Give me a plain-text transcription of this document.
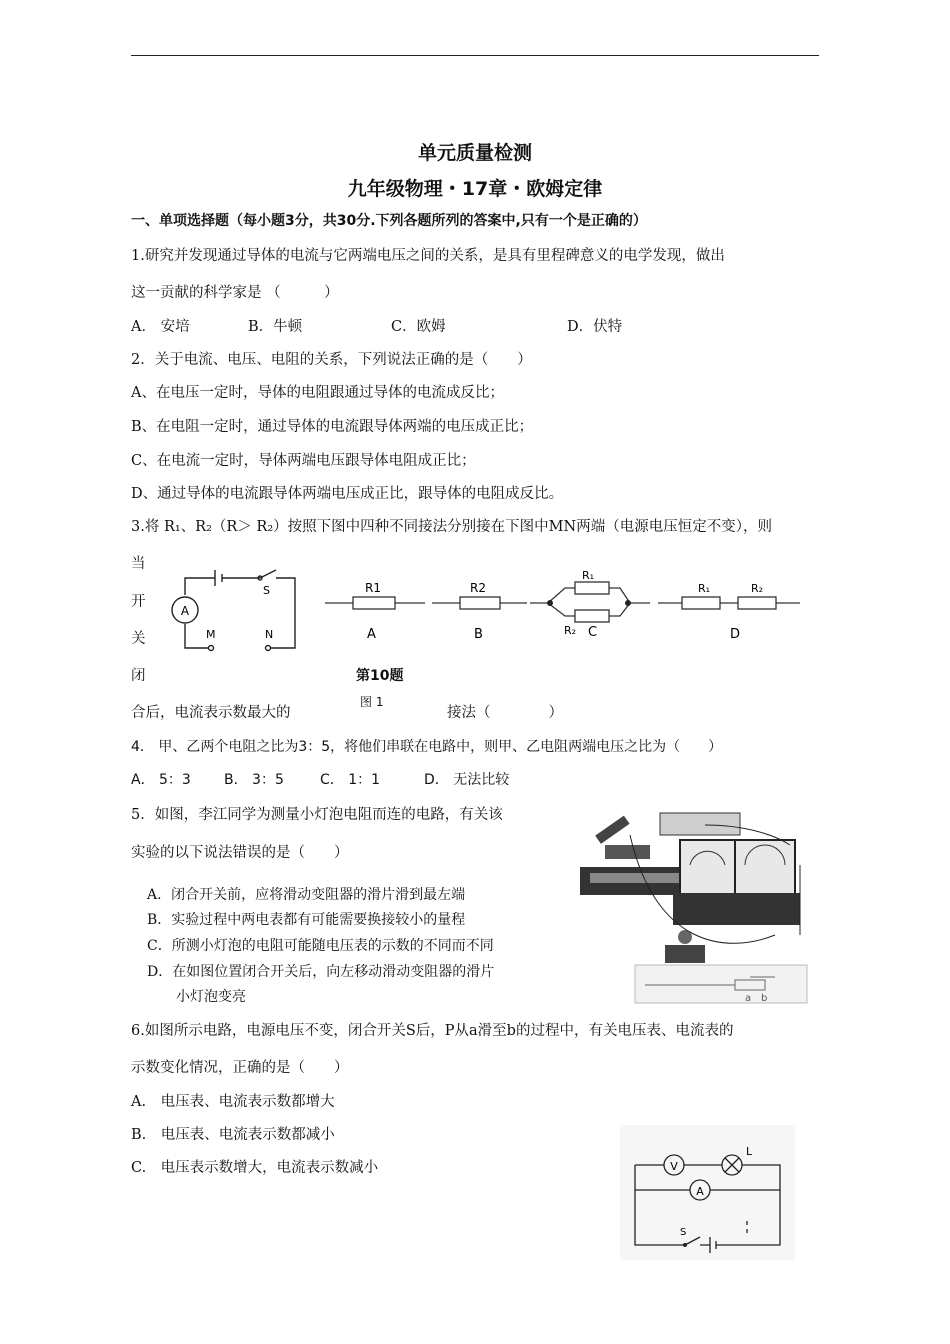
单元质量检测
九年级物理・17章・欧姆定律
一、单项选择题（每小题3分，共30分.下列各题所列的答案中,只有一个是正确的）
1.研究并发现通过导体的电流与它两端电压之间的关系，是具有里程碑意义的电学发现，做出
这一贡献的科学家是 （　　　）
A． 安培	B．牛顿	C．欧姆	D．伏特
2．关于电流、电压、电阻的关系，下列说法正确的是（　　）
A、在电压一定时，导体的电阻跟通过导体的电流成反比；
B、在电阻一定时，通过导体的电流跟导体两端的电压成正比；
C、在电流一定时，导体两端电压跟导体电阻成正比；
D、通过导体的电流跟导体两端电压成正比，跟导体的电阻成反比。
3.将 R₁、R₂（R＞ R₂）按照下图中四种不同接法分别接在下图中MN两端（电源电压恒定不变），则
当
开
关
闭
合后，电流表示数最大的	接法（　　　　）
第10题
图 1
A
S
M	N
R1
A
R2
B
R₁
R₂ C
R₁	R₂
D
4． 甲、乙两个电阻之比为3：5，将他们串联在电路中，则甲、乙电阻两端电压之比为（　　）
A． 5：3 B． 3：5	C． 1：1	D． 无法比较
5．如图，李江同学为测量小灯泡电阻而连的电路，有关该
实验的以下说法错误的是（　　）
A．闭合开关前，应将滑动变阻器的滑片滑到最左端
B．实验过程中两电表都有可能需要换接较小的量程
C．所测小灯泡的电阻可能随电压表的示数的不同而不同
D．在如图位置闭合开关后，向左移动滑动变阻器的滑片
小灯泡变亮	a b
6.如图所示电路，电源电压不变，闭合开关S后，P从a滑至b的过程中，有关电压表、电流表的
示数变化情况，正确的是（　　）
A.　电压表、电流表示数都增大
B.　电压表、电流表示数都减小
C.　电压表示数增大，电流表示数减小	V
A
L
S
